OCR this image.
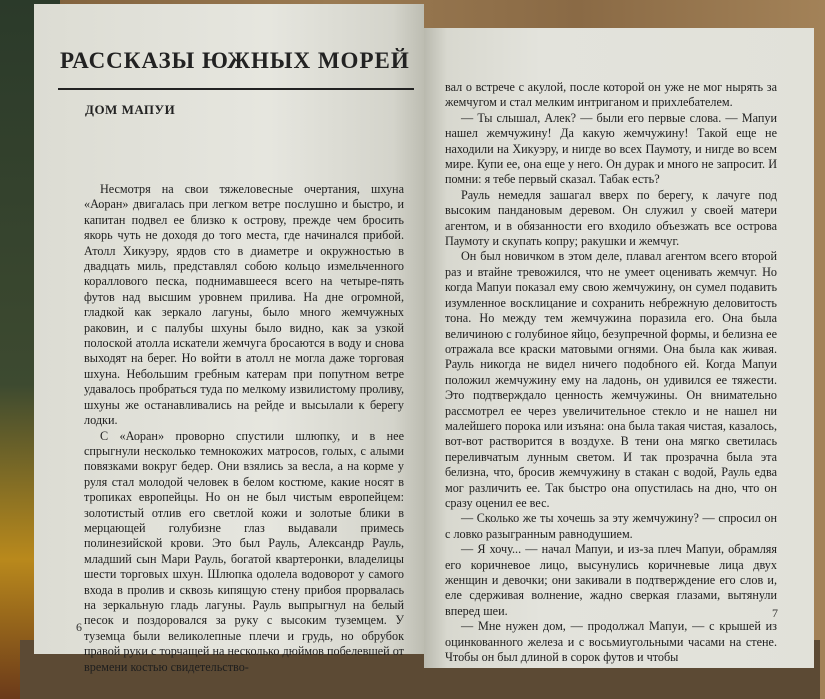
РАССКАЗЫ ЮЖНЫХ МОРЕЙ
ДОМ МАПУИ

Несмотря на свои тяжеловесные очертания, шхуна «Аоран» двигалась при легком ветре послушно и быстро, и капитан подвел ее близко к острову, прежде чем бросить якорь чуть не доходя до того места, где начинался прибой. Атолл Хикуэру, ярдов сто в диаметре и окружностью в двадцать миль, представлял собою кольцо измельченного кораллового песка, поднимавшееся всего на четыре-пять футов над высшим уровнем прилива. На дне огромной, гладкой как зеркало лагуны, было много жемчужных раковин, и с палубы шхуны было видно, как за узкой полоской атолла искатели жемчуга бросаются в воду и снова выходят на берег. Но войти в атолл не могла даже торговая шхуна. Небольшим гребным катерам при попутном ветре удавалось пробраться туда по мелкому извилистому проливу, шхуны же останавливались на рейде и высылали к берегу лодки.

С «Аоран» проворно спустили шлюпку, и в нее спрыгнули несколько темнокожих матросов, голых, с алыми повязками вокруг бедер. Они взялись за весла, а на корме у руля стал молодой человек в белом костюме, какие носят в тропиках европейцы. Но он не был чистым европейцем: золотистый отлив его светлой кожи и золотые блики в мерцающей голубизне глаз выдавали примесь полинезийской крови. Это был Рауль, Александр Рауль, младший сын Мари Рауль, богатой квартеронки, владелицы шести торговых шхун. Шлюпка одолела водоворот у самого входа в пролив и сквозь кипящую стену прибоя прорвалась на зеркальную гладь лагуны. Рауль выпрыгнул на белый песок и поздоровался за руку с высоким туземцем. У туземца были великолепные плечи и грудь, но обрубок правой руки с торчащей на несколько дюймов побелевшей от времени костью свидетельство-

6

вал о встрече с акулой, после которой он уже не мог нырять за жемчугом и стал мелким интриганом и прихлебателем.

— Ты слышал, Алек? — были его первые слова. — Мапуи нашел жемчужину! Да какую жемчужину! Такой еще не находили на Хикуэру, и нигде во всех Паумоту, и нигде во всем мире. Купи ее, она еще у него. Он дурак и много не запросит. И помни: я тебе первый сказал. Табак есть?

Рауль немедля зашагал вверх по берегу, к лачуге под высоким пандановым деревом. Он служил у своей матери агентом, и в обязанности его входило объезжать все острова Паумоту и скупать копру; ракушки и жемчуг.

Он был новичком в этом деле, плавал агентом всего второй раз и втайне тревожился, что не умеет оценивать жемчуг. Но когда Мапуи показал ему свою жемчужину, он сумел подавить изумленное восклицание и сохранить небрежную деловитость тона. Но между тем жемчужина поразила его. Она была величиною с голубиное яйцо, безупречной формы, и белизна ее отражала все краски матовыми огнями. Она была как живая. Рауль никогда не видел ничего подобного ей. Когда Мапуи положил жемчужину ему на ладонь, он удивился ее тяжести. Это подтверждало ценность жемчужины. Он внимательно рассмотрел ее через увеличительное стекло и не нашел ни малейшего порока или изъяна: она была такая чистая, казалось, вот-вот растворится в воздухе. В тени она мягко светилась переливчатым лунным светом. И так прозрачна была эта белизна, что, бросив жемчужину в стакан с водой, Рауль едва мог различить ее. Так быстро она опустилась на дно, что он сразу оценил ее вес.

— Сколько же ты хочешь за эту жемчужину? — спросил он с ловко разыгранным равнодушием.

— Я хочу... — начал Мапуи, и из-за плеч Мапуи, обрамляя его коричневое лицо, высунулись коричневые лица двух женщин и девочки; они закивали в подтверждение его слов и, еле сдерживая волнение, жадно сверкая глазами, вытянули вперед шеи.

— Мне нужен дом, — продолжал Мапуи, — с крышей из оцинкованного железа и с восьмиугольными часами на стене. Чтобы он был длиной в сорок футов и чтобы

7
